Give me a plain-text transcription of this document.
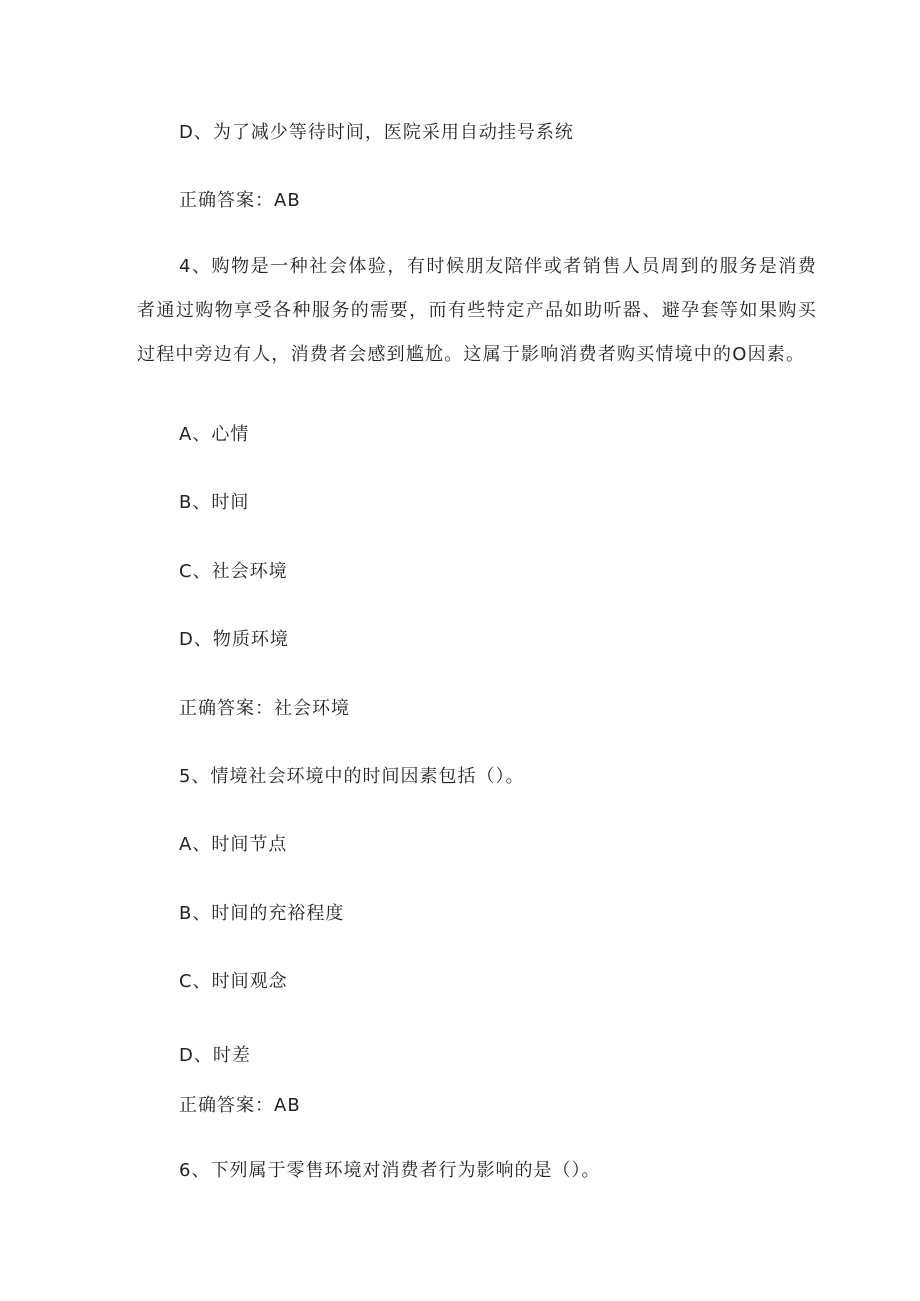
D、为了减少等待时间，医院采用自动挂号系统
正确答案：AB
4、购物是一种社会体验，有时候朋友陪伴或者销售人员周到的服务是消费者通过购物享受各种服务的需要，而有些特定产品如助听器、避孕套等如果购买过程中旁边有人，消费者会感到尴尬。这属于影响消费者购买情境中的O因素。
A、心情
B、时间
C、社会环境
D、物质环境
正确答案：社会环境
5、情境社会环境中的时间因素包括（）。
A、时间节点
B、时间的充裕程度
C、时间观念
D、时差
正确答案：AB
6、下列属于零售环境对消费者行为影响的是（）。
